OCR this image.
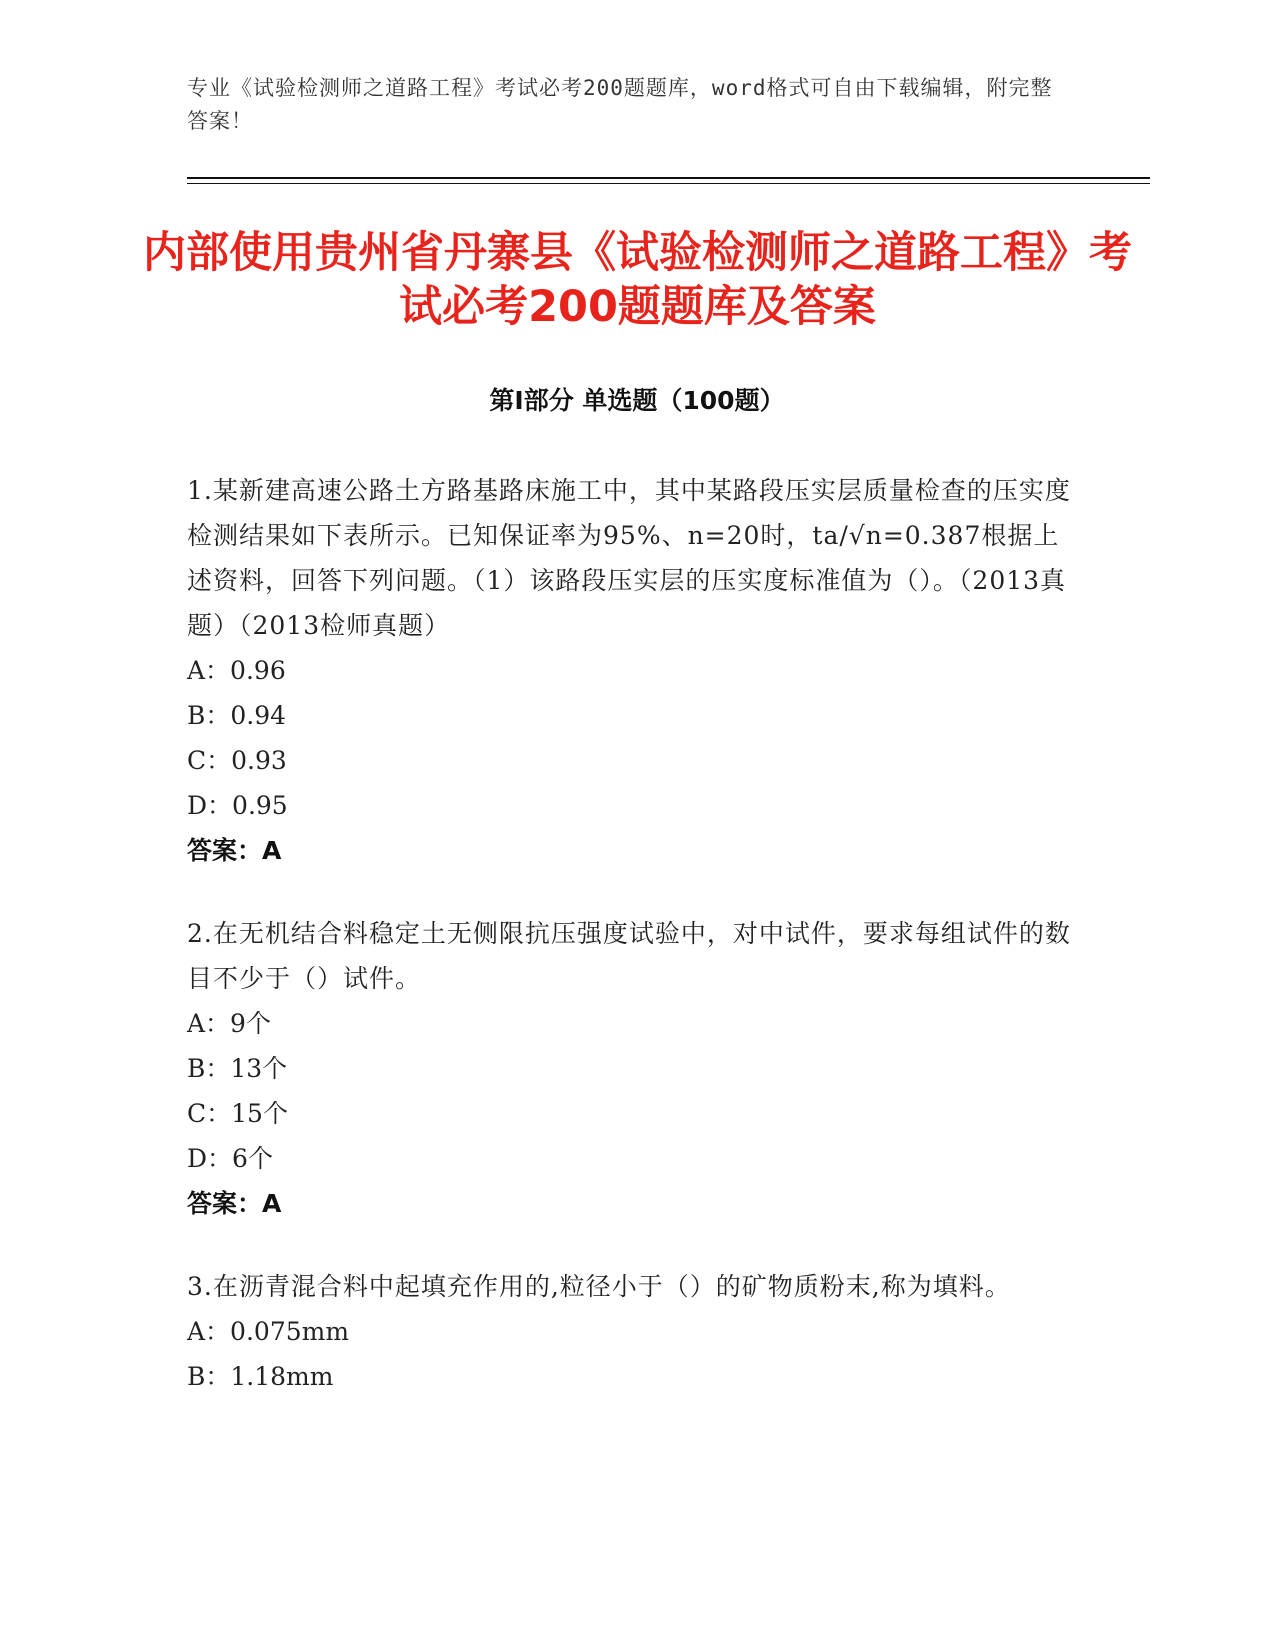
专业《试验检测师之道路工程》考试必考200题题库，word格式可自由下载编辑，附完整答案！
内部使用贵州省丹寨县《试验检测师之道路工程》考试必考200题题库及答案
第I部分 单选题（100题）

1.某新建高速公路土方路基路床施工中，其中某路段压实层质量检查的压实度检测结果如下表所示。已知保证率为95%、n=20时，ta/√n=0.387根据上述资料，回答下列问题。（1）该路段压实层的压实度标准值为（）。（2013真题）（2013检师真题）

A：0.96

B：0.94

C：0.93

D：0.95

答案：A

2.在无机结合料稳定土无侧限抗压强度试验中，对中试件，要求每组试件的数目不少于（）试件。

A：9个

B：13个

C：15个

D：6个

答案：A

3.在沥青混合料中起填充作用的,粒径小于（）的矿物质粉末,称为填料。

A：0.075mm

B：1.18mm
